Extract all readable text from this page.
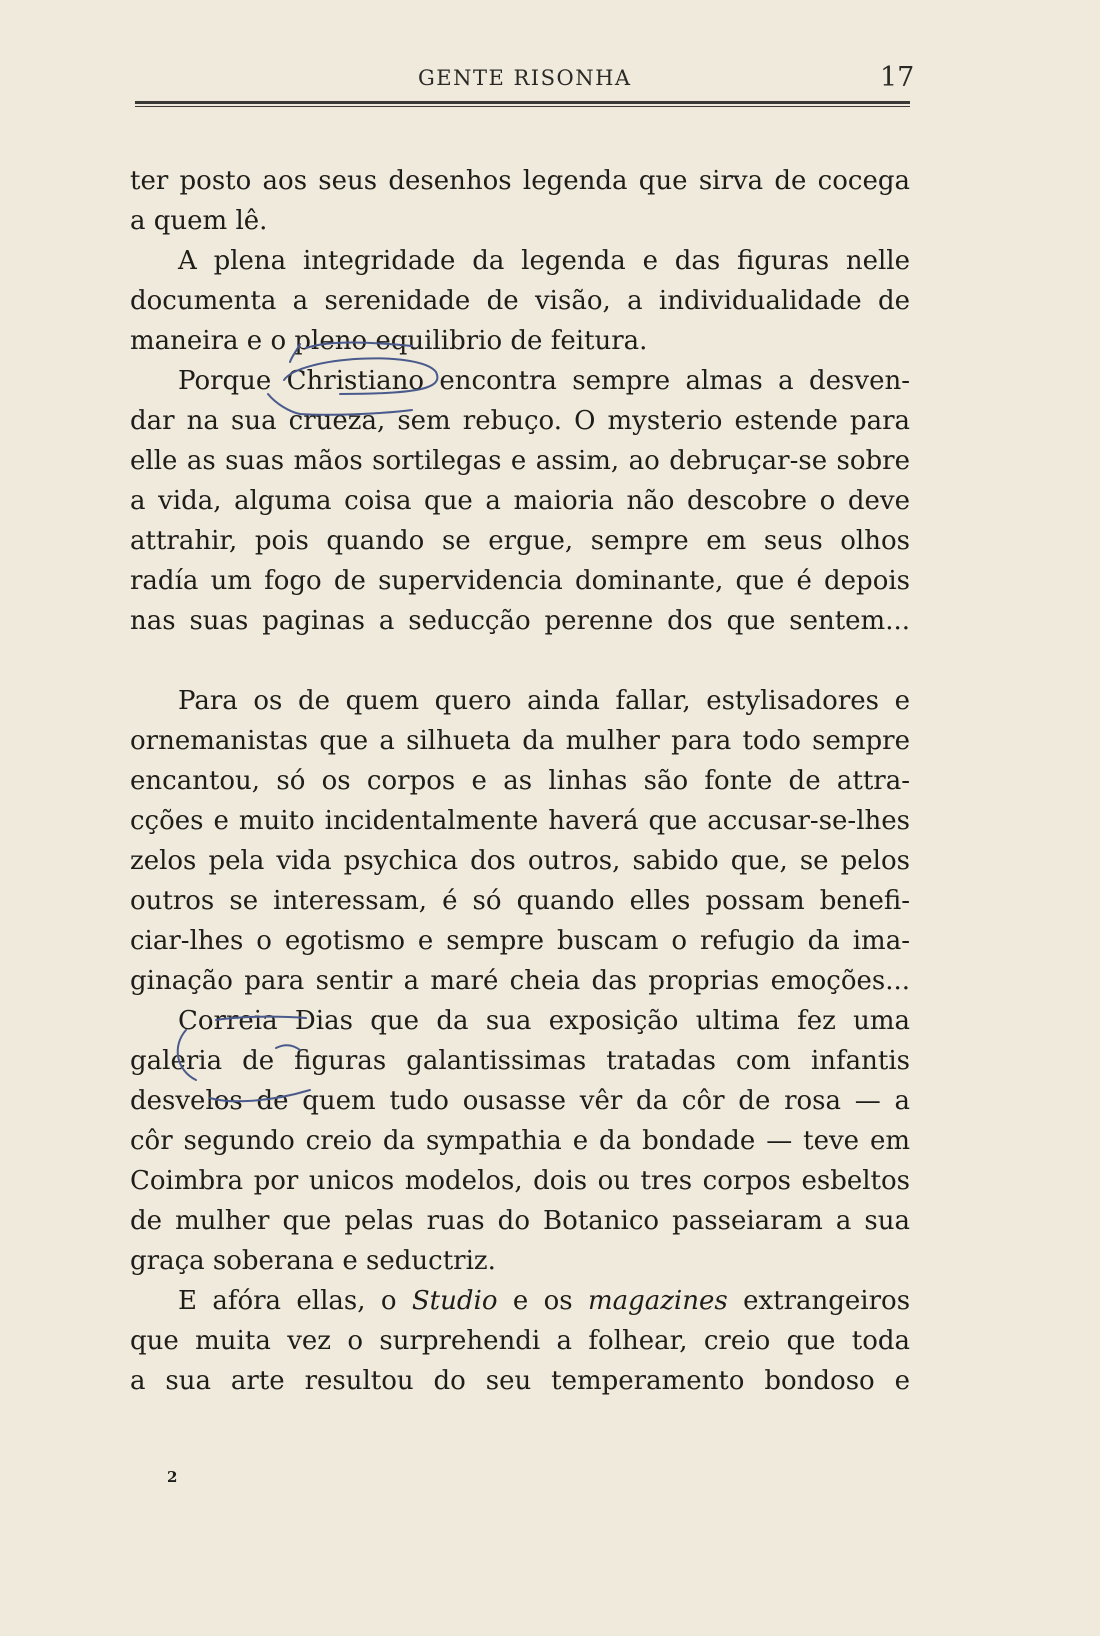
GENTE RISONHA	17
ter posto aos seus desenhos legenda que sirva de cocega
a quem lê.
A plena integridade da legenda e das figuras nelle
documenta a serenidade de visão, a individualidade de
maneira e o pleno equilibrio de feitura.
Porque Christiano encontra sempre almas a desven-
dar na sua crueza, sem rebuço. O mysterio estende para
elle as suas mãos sortilegas e assim, ao debruçar-se sobre
a vida, alguma coisa que a maioria não descobre o deve
attrahir, pois quando se ergue, sempre em seus olhos
radía um fogo de supervidencia dominante, que é depois
nas suas paginas a seducção perenne dos que sentem...
Para os de quem quero ainda fallar, estylisadores e
ornemanistas que a silhueta da mulher para todo sempre
encantou, só os corpos e as linhas são fonte de attra-
cções e muito incidentalmente haverá que accusar-se-lhes
zelos pela vida psychica dos outros, sabido que, se pelos
outros se interessam, é só quando elles possam benefi-
ciar-lhes o egotismo e sempre buscam o refugio da ima-
ginação para sentir a maré cheia das proprias emoções...
Correia Dias que da sua exposição ultima fez uma
galeria de figuras galantissimas tratadas com infantis
desvelos de quem tudo ousasse vêr da côr de rosa — a
côr segundo creio da sympathia e da bondade — teve em
Coimbra por unicos modelos, dois ou tres corpos esbeltos
de mulher que pelas ruas do Botanico passeiaram a sua
graça soberana e seductriz.
E afóra ellas, o Studio e os magazines extrangeiros
que muita vez o surprehendi a folhear, creio que toda
a sua arte resultou do seu temperamento bondoso e
2
